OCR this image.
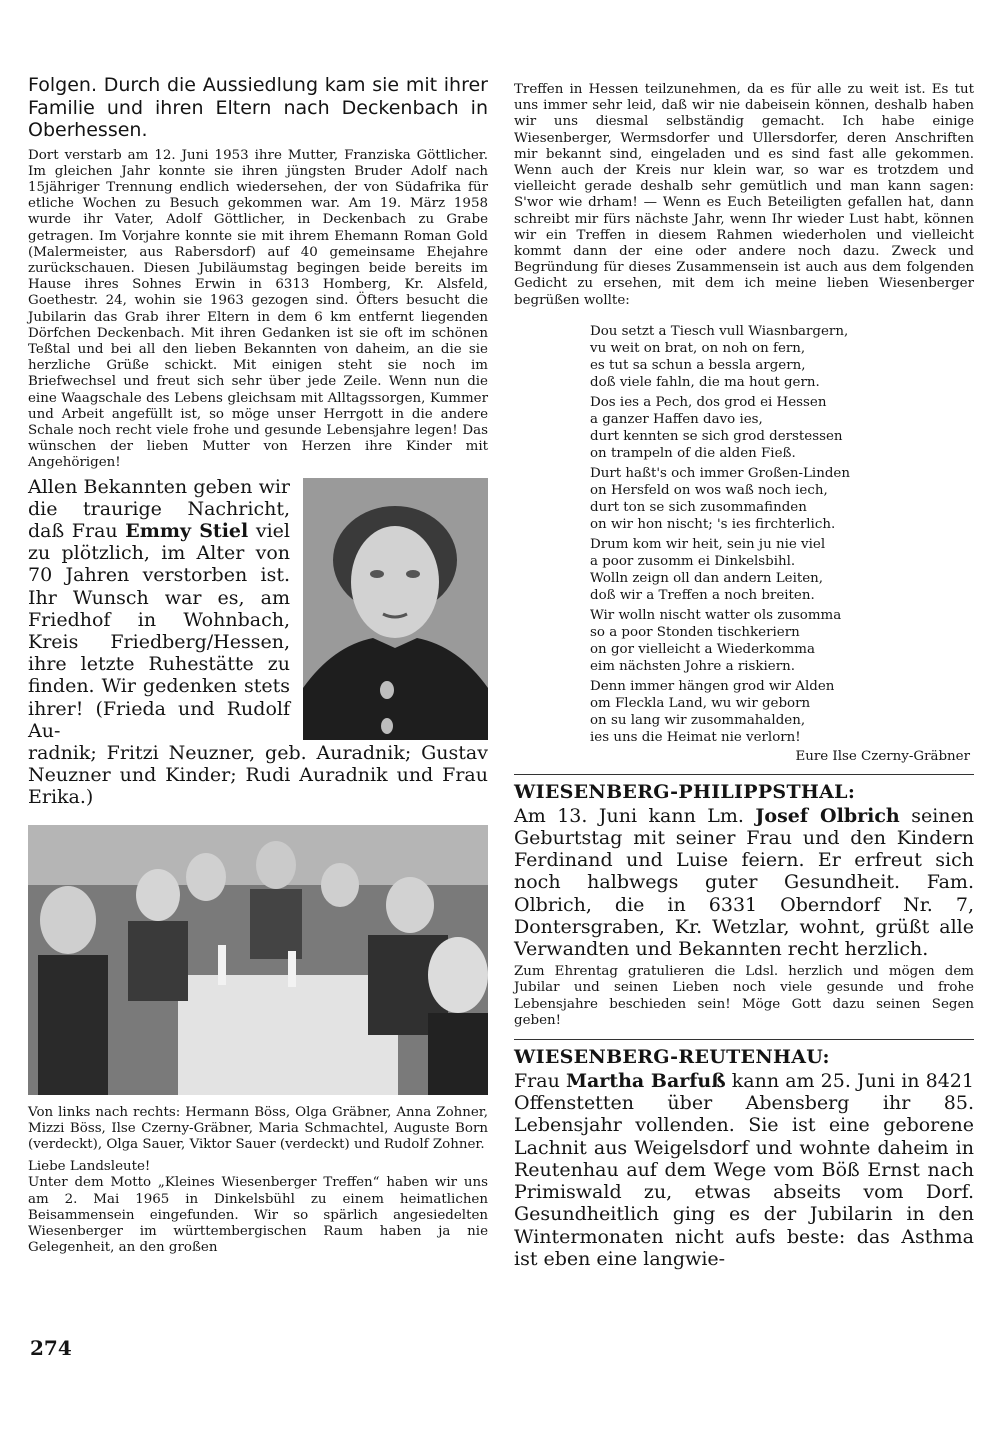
Folgen. Durch die Aussiedlung kam sie mit ihrer Familie und ihren Eltern nach Deckenbach in Oberhessen.

Dort verstarb am 12. Juni 1953 ihre Mutter, Franziska Göttlicher. Im gleichen Jahr konnte sie ihren jüngsten Bruder Adolf nach 15jähriger Trennung endlich wiedersehen, der von Südafrika für etliche Wochen zu Besuch gekommen war. Am 19. März 1958 wurde ihr Vater, Adolf Göttlicher, in Deckenbach zu Grabe getragen. Im Vorjahre konnte sie mit ihrem Ehemann Roman Gold (Malermeister, aus Rabersdorf) auf 40 gemeinsame Ehejahre zurückschauen. Diesen Jubiläumstag begingen beide bereits im Hause ihres Sohnes Erwin in 6313 Homberg, Kr. Alsfeld, Goethestr. 24, wohin sie 1963 gezogen sind. Öfters besucht die Jubilarin das Grab ihrer Eltern in dem 6 km entfernt liegenden Dörfchen Deckenbach. Mit ihren Gedanken ist sie oft im schönen Teßtal und bei all den lieben Bekannten von daheim, an die sie herzliche Grüße schickt. Mit einigen steht sie noch im Briefwechsel und freut sich sehr über jede Zeile. Wenn nun die eine Waagschale des Lebens gleichsam mit Alltagssorgen, Kummer und Arbeit angefüllt ist, so möge unser Herrgott in die andere Schale noch recht viele frohe und gesunde Lebensjahre legen! Das wünschen der lieben Mutter von Herzen ihre Kinder mit Angehörigen!

Allen Bekannten geben wir die traurige Nachricht, daß Frau Emmy Stiel viel zu plötzlich, im Alter von 70 Jahren verstorben ist. Ihr Wunsch war es, am Friedhof in Wohnbach, Kreis Friedberg/Hessen, ihre letzte Ruhestätte zu finden. Wir gedenken stets ihrer! (Frieda und Rudolf Au-

radnik; Fritzi Neuzner, geb. Auradnik; Gustav Neuzner und Kinder; Rudi Auradnik und Frau Erika.)

Von links nach rechts: Hermann Böss, Olga Gräbner, Anna Zohner, Mizzi Böss, Ilse Czerny-Gräbner, Maria Schmachtel, Auguste Born (verdeckt), Olga Sauer, Viktor Sauer (verdeckt) und Rudolf Zohner.

Liebe Landsleute!

Unter dem Motto „Kleines Wiesenberger Treffen“ haben wir uns am 2. Mai 1965 in Dinkelsbühl zu einem heimatlichen Beisammensein eingefunden. Wir so spärlich angesiedelten Wiesenberger im württembergischen Raum haben ja nie Gelegenheit, an den großen

Treffen in Hessen teilzunehmen, da es für alle zu weit ist. Es tut uns immer sehr leid, daß wir nie dabeisein können, deshalb haben wir uns diesmal selbständig gemacht. Ich habe einige Wiesenberger, Wermsdorfer und Ullersdorfer, deren Anschriften mir bekannt sind, eingeladen und es sind fast alle gekommen. Wenn auch der Kreis nur klein war, so war es trotzdem und vielleicht gerade deshalb sehr gemütlich und man kann sagen: S'wor wie drham! — Wenn es Euch Beteiligten gefallen hat, dann schreibt mir fürs nächste Jahr, wenn Ihr wieder Lust habt, können wir ein Treffen in diesem Rahmen wiederholen und vielleicht kommt dann der eine oder andere noch dazu. Zweck und Begründung für dieses Zusammensein ist auch aus dem folgenden Gedicht zu ersehen, mit dem ich meine lieben Wiesenberger begrüßen wollte:

Dou setzt a Tiesch vull Wiasnbargern,
vu weit on brat, on noh on fern,
es tut sa schun a bessla argern,
doß viele fahln, die ma hout gern.
Dos ies a Pech, dos grod ei Hessen
a ganzer Haffen davo ies,
durt kennten se sich grod derstessen
on trampeln of die alden Fieß.
Durt haßt's och immer Großen-Linden
on Hersfeld on wos waß noch iech,
durt ton se sich zusommafinden
on wir hon nischt; 's ies firchterlich.
Drum kom wir heit, sein ju nie viel
a poor zusomm ei Dinkelsbihl.
Wolln zeign oll dan andern Leiten,
doß wir a Treffen a noch breiten.
Wir wolln nischt watter ols zusomma
so a poor Stonden tischkeriern
on gor vielleicht a Wiederkomma
eim nächsten Johre a riskiern.
Denn immer hängen grod wir Alden
om Fleckla Land, wu wir geborn
on su lang wir zusommahalden,
ies uns die Heimat nie verlorn!
Eure Ilse Czerny-Gräbner
WIESENBERG-PHILIPPSTHAL:

Am 13. Juni kann Lm. Josef Olbrich seinen Geburtstag mit seiner Frau und den Kindern Ferdinand und Luise feiern. Er erfreut sich noch halbwegs guter Gesundheit. Fam. Olbrich, die in 6331 Oberndorf Nr. 7, Dontersgraben, Kr. Wetzlar, wohnt, grüßt alle Verwandten und Bekannten recht herzlich.

Zum Ehrentag gratulieren die Ldsl. herzlich und mögen dem Jubilar und seinen Lieben noch viele gesunde und frohe Lebensjahre beschieden sein! Möge Gott dazu seinen Segen geben!

WIESENBERG-REUTENHAU:

Frau Martha Barfuß kann am 25. Juni in 8421 Offenstetten über Abensberg ihr 85. Lebensjahr vollenden. Sie ist eine geborene Lachnit aus Weigelsdorf und wohnte daheim in Reutenhau auf dem Wege vom Böß Ernst nach Primiswald zu, etwas abseits vom Dorf. Gesundheitlich ging es der Jubilarin in den Wintermonaten nicht aufs beste: das Asthma ist eben eine langwie-

274
